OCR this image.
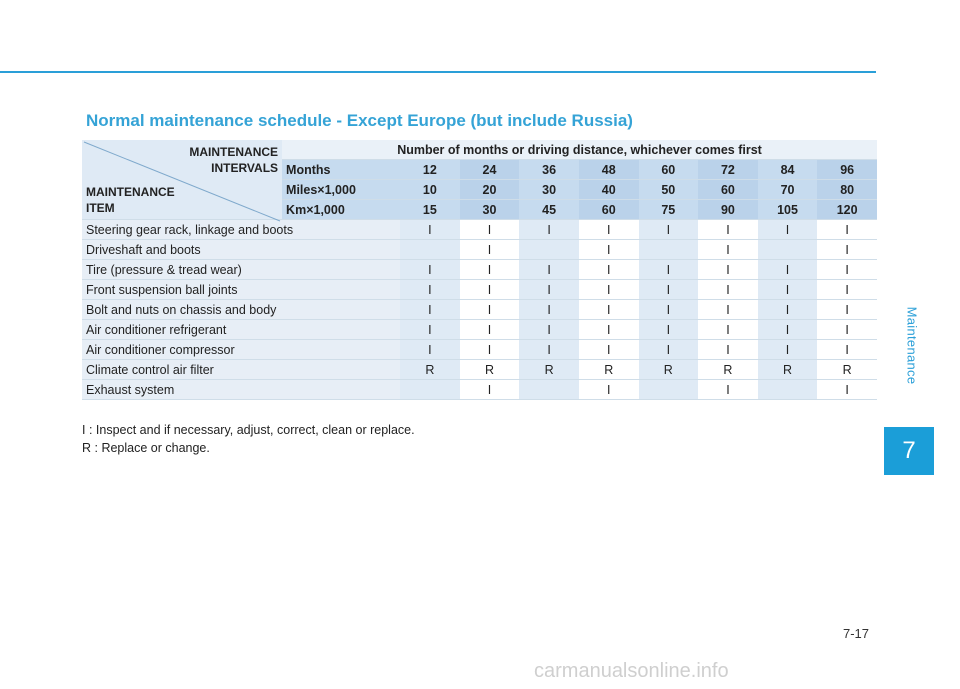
Normal maintenance schedule - Except Europe (but include Russia)
MAINTENANCE
INTERVALS
MAINTENANCE
ITEM	Number of months or driving distance, whichever comes first								
	Months	12	24	36	48	60	72	84	96
	Miles×1,000	10	20	30	40	50	60	70	80
	Km×1,000	15	30	45	60	75	90	105	120
Steering gear rack, linkage and boots		I	I	I	I	I	I	I	I
Driveshaft and boots			I		I		I		I
Tire (pressure & tread wear)		I	I	I	I	I	I	I	I
Front suspension ball joints		I	I	I	I	I	I	I	I
Bolt and nuts on chassis and body		I	I	I	I	I	I	I	I
Air conditioner refrigerant		I	I	I	I	I	I	I	I
Air conditioner compressor		I	I	I	I	I	I	I	I
Climate control air filter		R	R	R	R	R	R	R	R
Exhaust system			I		I		I		I
I : Inspect and if necessary, adjust, correct, clean or replace.
R : Replace or change.
Maintenance
7
7-17
carmanualsonline.info
